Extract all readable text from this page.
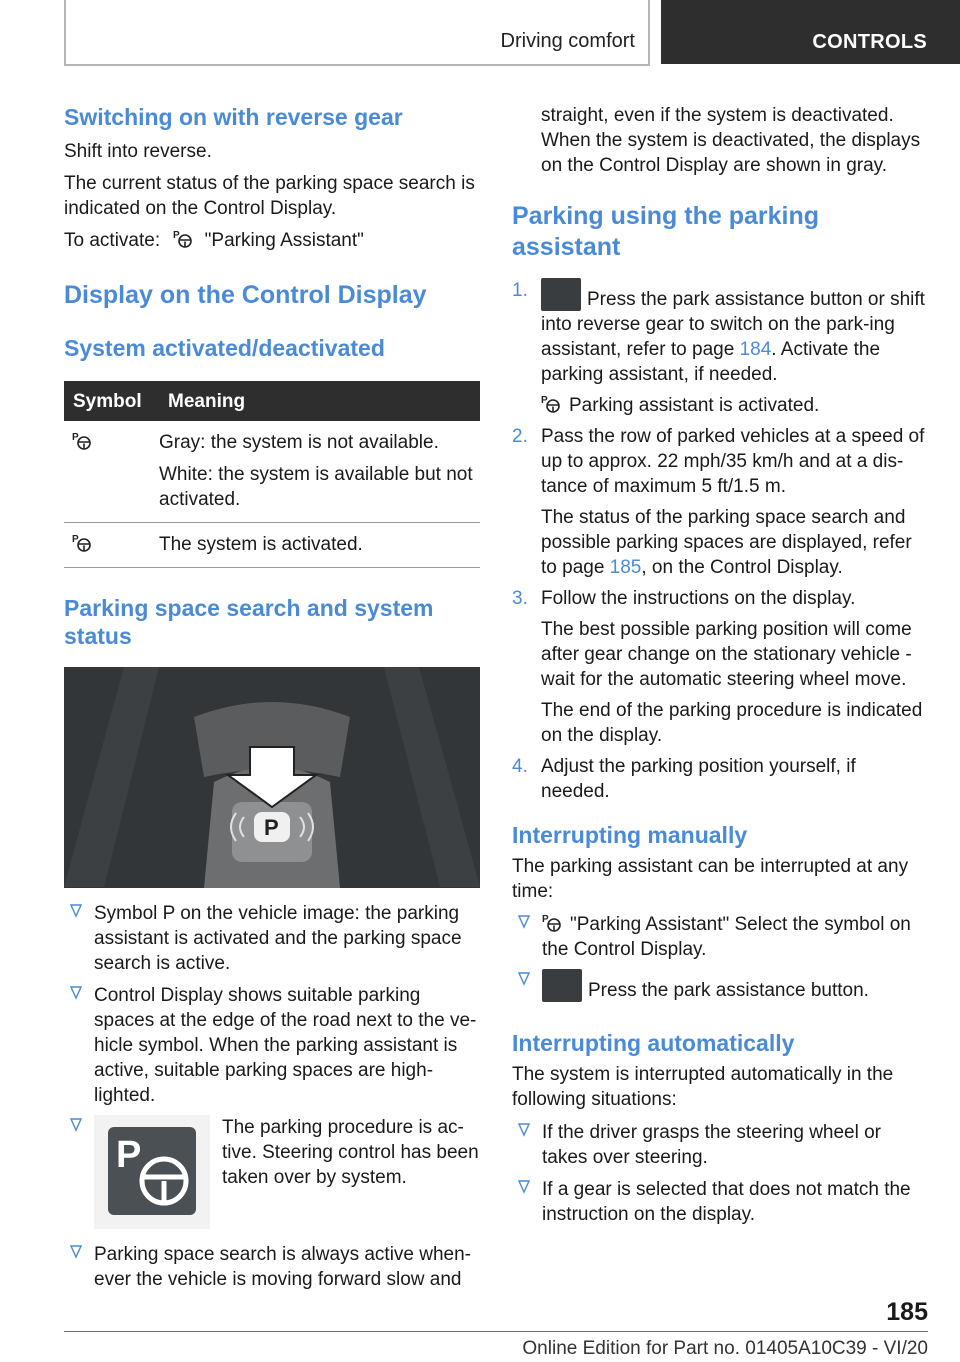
Driving comfort	CONTROLS
Switching on with reverse gear

Shift into reverse.

The current status of the parking space search is indicated on the Control Display.

To activate: P "Parking Assistant"

Display on the Control Display
System activated/deactivated
Symbol	Meaning

P	Gray: the system is not available.

White: the system is available but not activated.

P	The system is activated.
Parking space search and system status
P
Symbol P on the vehicle image: the parking assistant is activated and the parking space search is active.
Control Display shows suitable parking spaces at the edge of the road next to the ve‐hicle symbol. When the parking assistant is active, suitable parking spaces are high‐lighted.
P

The parking procedure is ac‐tive. Steering control has been taken over by system.

Parking space search is always active when‐ever the vehicle is moving forward slow and

straight, even if the system is deactivated. When the system is deactivated, the displays on the Control Display are shown in gray.

Parking using the parking assistant
1.	Press the park assistance button or shift into reverse gear to switch on the park‐ing assistant, refer to page 184. Activate the parking assistant, if needed.

P Parking assistant is activated.

2. Pass the row of parked vehicles at a speed of up to approx. 22 mph/35 km/h and at a dis‐tance of maximum 5 ft/1.5 m.

The status of the parking space search and possible parking spaces are displayed, refer to page 185, on the Control Display.

3. Follow the instructions on the display.

The best possible parking position will come after gear change on the stationary vehicle - wait for the automatic steering wheel move.

The end of the parking procedure is indicated on the display.

4. Adjust the parking position yourself, if needed.

Interrupting manually

The parking assistant can be interrupted at any time:

P "Parking Assistant" Select the symbol on the Control Display.
Press the park assistance button.
Interrupting automatically

The system is interrupted automatically in the following situations:

If the driver grasps the steering wheel or takes over steering.
If a gear is selected that does not match the instruction on the display.
185
Online Edition for Part no. 01405A10C39 - VI/20
